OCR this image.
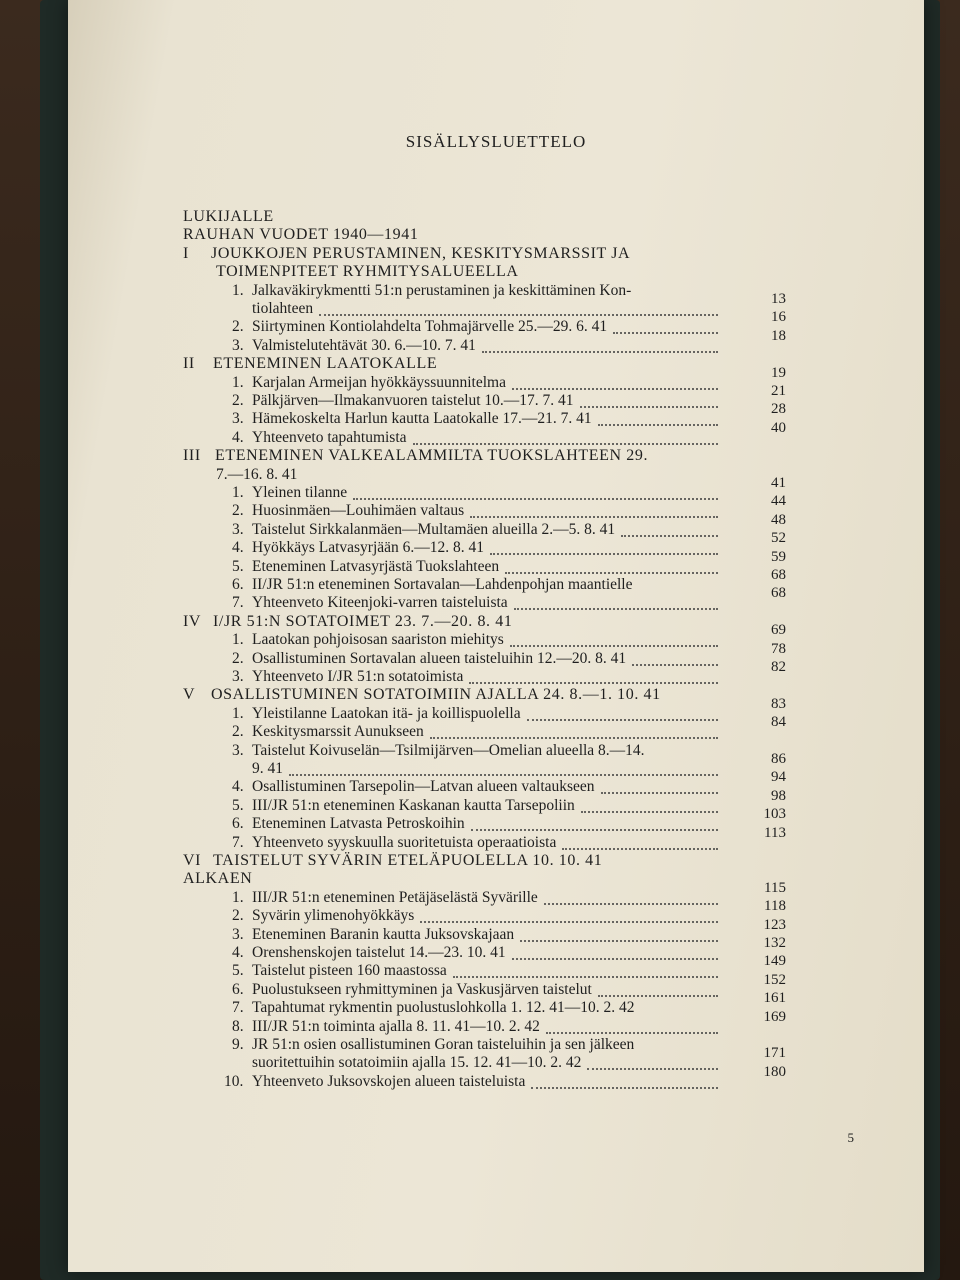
SISÄLLYSLUETTELO
5
LUKIJALLE
RAUHAN VUODET 1940—1941
I JOUKKOJEN PERUSTAMINEN, KESKITYSMARSSIT JA
TOIMENPITEET RYHMITYSALUEELLA
1. Jalkaväkirykmentti 51:n perustaminen ja keskittäminen Kon-
tiolahteen
13
2. Siirtyminen Kontiolahdelta Tohmajärvelle 25.—29. 6. 41
16
3. Valmistelutehtävät 30. 6.—10. 7. 41
18
II ETENEMINEN LAATOKALLE
1. Karjalan Armeijan hyökkäyssuunnitelma
19
2. Pälkjärven—Ilmakanvuoren taistelut 10.—17. 7. 41
21
3. Hämekoskelta Harlun kautta Laatokalle 17.—21. 7. 41
28
4. Yhteenveto tapahtumista
40
III ETENEMINEN VALKEALAMMILTA TUOKSLAHTEEN 29.
7.—16. 8. 41
1. Yleinen tilanne
41
2. Huosinmäen—Louhimäen valtaus
44
3. Taistelut Sirkkalanmäen—Multamäen alueilla 2.—5. 8. 41
48
4. Hyökkäys Latvasyrjään 6.—12. 8. 41
52
5. Eteneminen Latvasyrjästä Tuokslahteen
59
6. II/JR 51:n eteneminen Sortavalan—Lahdenpohjan maantielle
68
7. Yhteenveto Kiteenjoki-varren taisteluista
68
IV I/JR 51:N SOTATOIMET 23. 7.—20. 8. 41
1. Laatokan pohjoisosan saariston miehitys
69
2. Osallistuminen Sortavalan alueen taisteluihin 12.—20. 8. 41
78
3. Yhteenveto I/JR 51:n sotatoimista
82
V OSALLISTUMINEN SOTATOIMIIN AJALLA 24. 8.—1. 10. 41
1. Yleistilanne Laatokan itä- ja koillispuolella
83
2. Keskitysmarssit Aunukseen
84
3. Taistelut Koivuselän—Tsilmijärven—Omelian alueella 8.—14.
9. 41
86
4. Osallistuminen Tarsepolin—Latvan alueen valtaukseen
94
5. III/JR 51:n eteneminen Kaskanan kautta Tarsepoliin
98
6. Eteneminen Latvasta Petroskoihin
103
7. Yhteenveto syyskuulla suoritetuista operaatioista
113
VI TAISTELUT SYVÄRIN ETELÄPUOLELLA 10. 10. 41
ALKAEN
1. III/JR 51:n eteneminen Petäjäselästä Syvärille
115
2. Syvärin ylimenohyökkäys
118
3. Eteneminen Baranin kautta Juksovskajaan
123
4. Orenshenskojen taistelut 14.—23. 10. 41
132
5. Taistelut pisteen 160 maastossa
149
6. Puolustukseen ryhmittyminen ja Vaskusjärven taistelut
152
7. Tapahtumat rykmentin puolustuslohkolla 1. 12. 41—10. 2. 42
161
8. III/JR 51:n toiminta ajalla 8. 11. 41—10. 2. 42
169
9. JR 51:n osien osallistuminen Goran taisteluihin ja sen jälkeen
suoritettuihin sotatoimiin ajalla 15. 12. 41—10. 2. 42
171
10. Yhteenveto Juksovskojen alueen taisteluista
180
